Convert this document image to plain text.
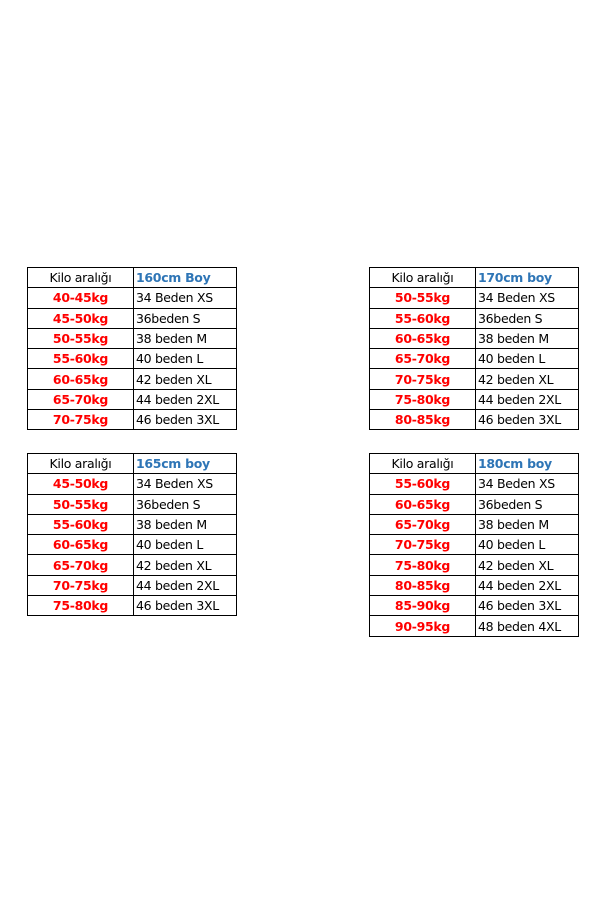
Kilo aralığı	160cm Boy
40-45kg	34 Beden XS
45-50kg	36beden S
50-55kg	38 beden M
55-60kg	40 beden L
60-65kg	42 beden XL
65-70kg	44 beden 2XL
70-75kg	46 beden 3XL
Kilo aralığı	170cm boy
50-55kg	34 Beden XS
55-60kg	36beden S
60-65kg	38 beden M
65-70kg	40 beden L
70-75kg	42 beden XL
75-80kg	44 beden 2XL
80-85kg	46 beden 3XL
Kilo aralığı	165cm boy
45-50kg	34 Beden XS
50-55kg	36beden S
55-60kg	38 beden M
60-65kg	40 beden L
65-70kg	42 beden XL
70-75kg	44 beden 2XL
75-80kg	46 beden 3XL
Kilo aralığı	180cm boy
55-60kg	34 Beden XS
60-65kg	36beden S
65-70kg	38 beden M
70-75kg	40 beden L
75-80kg	42 beden XL
80-85kg	44 beden 2XL
85-90kg	46 beden 3XL
90-95kg	48 beden 4XL
